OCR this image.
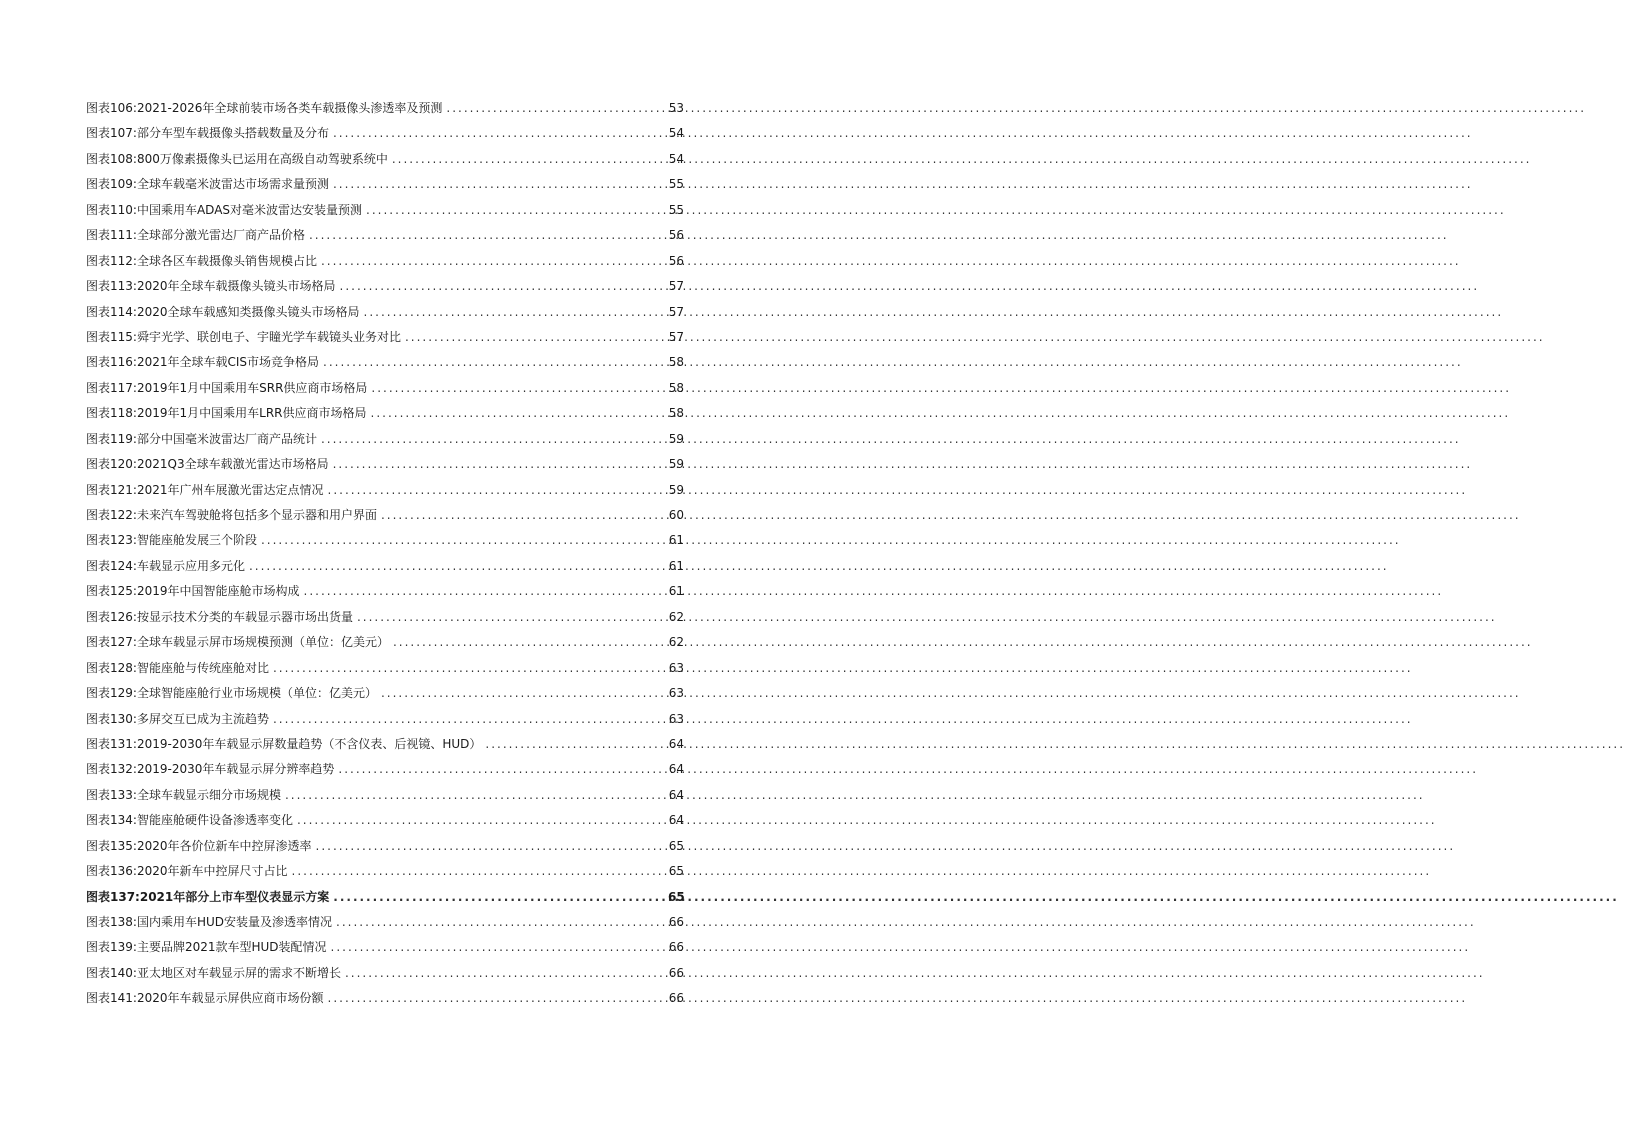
图表106: 2021-2026年全球前装市场各类车载摄像头渗透率及预测 .....	53
图表107: 部分车型车载摄像头搭载数量及分布 .....	54
图表108: 800万像素摄像头已运用在高级自动驾驶系统中 .....	54
图表109: 全球车载毫米波雷达市场需求量预测 .....	55
图表110: 中国乘用车ADAS对毫米波雷达安装量预测 .....	55
图表111: 全球部分激光雷达厂商产品价格 .....	56
图表112: 全球各区车载摄像头销售规模占比 .....	56
图表113: 2020年全球车载摄像头镜头市场格局 .....	57
图表114: 2020全球车载感知类摄像头镜头市场格局 .....	57
图表115: 舜宇光学、联创电子、宇瞳光学车载镜头业务对比 .....	57
图表116: 2021年全球车载CIS市场竞争格局 .....	58
图表117: 2019年1月中国乘用车SRR供应商市场格局 .....	58
图表118: 2019年1月中国乘用车LRR供应商市场格局 .....	58
图表119: 部分中国毫米波雷达厂商产品统计 .....	59
图表120: 2021Q3全球车载激光雷达市场格局 .....	59
图表121: 2021年广州车展激光雷达定点情况 .....	59
图表122: 未来汽车驾驶舱将包括多个显示器和用户界面 .....	60
图表123: 智能座舱发展三个阶段 .....	61
图表124: 车载显示应用多元化 .....	61
图表125: 2019年中国智能座舱市场构成 .....	61
图表126: 按显示技术分类的车载显示器市场出货量 .....	62
图表127: 全球车载显示屏市场规模预测（单位：亿美元） .....	62
图表128: 智能座舱与传统座舱对比 .....	63
图表129: 全球智能座舱行业市场规模（单位：亿美元） .....	63
图表130: 多屏交互已成为主流趋势 .....	63
图表131: 2019-2030年车载显示屏数量趋势（不含仪表、后视镜、HUD） .....	64
图表132: 2019-2030年车载显示屏分辨率趋势 .....	64
图表133: 全球车载显示细分市场规模 .....	64
图表134: 智能座舱硬件设备渗透率变化 .....	64
图表135: 2020年各价位新车中控屏渗透率 .....	65
图表136: 2020年新车中控屏尺寸占比 .....	65
图表137: 2021年部分上市车型仪表显示方案 .....	65
图表138: 国内乘用车HUD安装量及渗透率情况 .....	66
图表139: 主要品牌2021款车型HUD装配情况 .....	66
图表140: 亚太地区对车载显示屏的需求不断增长 .....	66
图表141: 2020年车载显示屏供应商市场份额 .....	66
